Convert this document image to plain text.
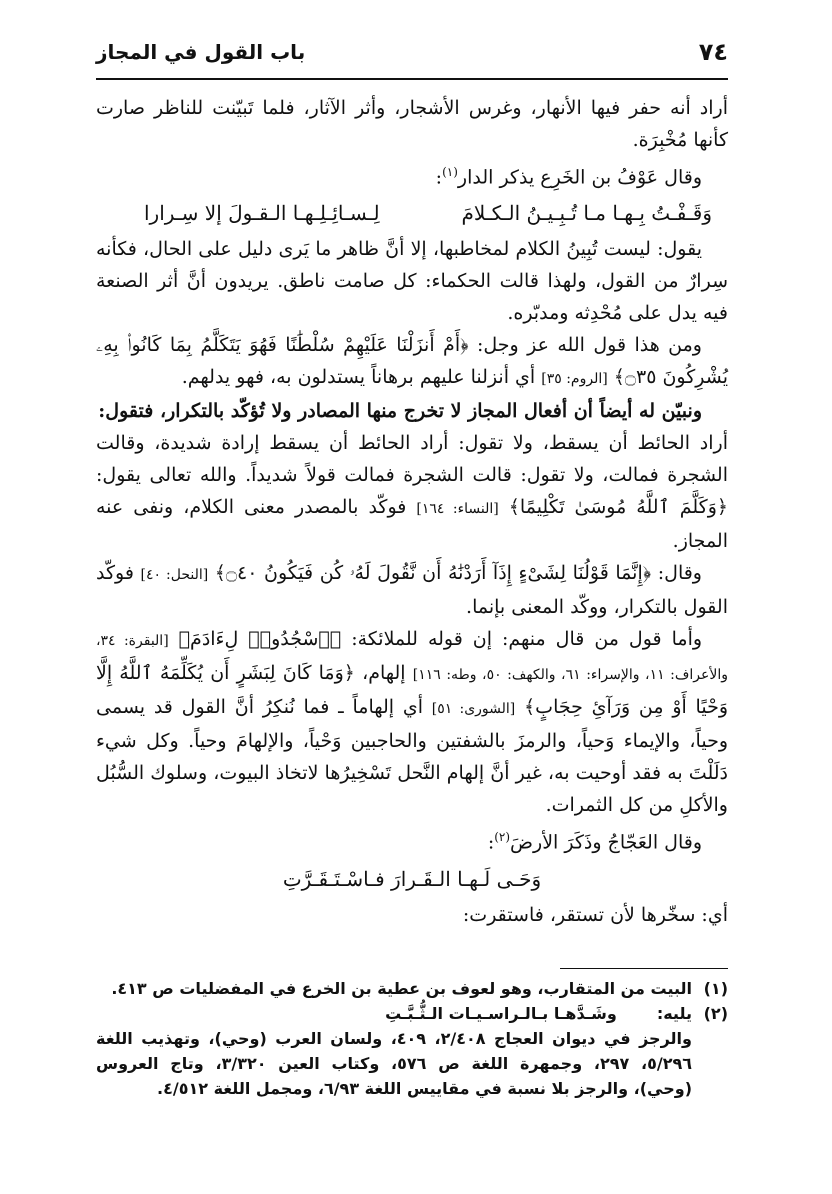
٧٤
باب القول في المجاز

أراد أنه حفر فيها الأنهار، وغرس الأشجار، وأثر الآثار، فلما تَبيّنت للناظر صارت كأنها مُخْبِرَة.

وقال عَوْفُ بن الخَرِع يذكر الدار$^{(١)}$:

وَقَـفْـتُ بِـهـا مـا تُـبِـيـنُ الـكـلامَ
لِـسـائِـلِـهـا الـقـولَ إلا سِـرارا

يقول: ليست تُبِينُ الكلام لمخاطبها، إلا أنَّ ظاهر ما يَرى دليل على الحال، فكأنه سِرارٌ من القول، ولهذا قالت الحكماء: كل صامت ناطق. يريدون أنَّ أثر الصنعة فيه يدل على مُحْدِثه ومدبّره.

ومن هذا قول الله عز وجل: ﴿أَمْ أَنزَلْنَا عَلَيْهِمْ سُلْطَٰنًا فَهُوَ يَتَكَلَّمُ بِمَا كَانُوا۟ بِهِۦ يُشْرِكُونَ ۝٣٥﴾ [الروم: ٣٥] أي أنزلنا عليهم برهاناً يستدلون به، فهو يدلهم.

ونبيّن له أيضاً أن أفعال المجاز لا تخرج منها المصادر ولا تُؤكّد بالتكرار، فتقول:

أراد الحائط أن يسقط، ولا تقول: أراد الحائط أن يسقط إرادة شديدة، وقالت الشجرة فمالت، ولا تقول: قالت الشجرة فمالت قولاً شديداً. والله تعالى يقول: ﴿وَكَلَّمَ ٱللَّهُ مُوسَىٰ تَكْلِيمًا﴾ [النساء: ١٦٤] فوكّد بالمصدر معنى الكلام، ونفى عنه المجاز.

وقال: ﴿إِنَّمَا قَوْلُنَا لِشَىْءٍ إِذَآ أَرَدْنَٰهُ أَن نَّقُولَ لَهُۥ كُن فَيَكُونُ ۝٤٠﴾ [النحل: ٤٠] فوكّد القول بالتكرار، ووكّد المعنى بإنما.

وأما قول من قال منهم: إن قوله للملائكة: ﴿ٱسْجُدُوا۟ لِءَادَمَ﴾ [البقرة: ٣٤، والأعراف: ١١، والإسراء: ٦١، والكهف: ٥٠، وطه: ١١٦] إلهام، ﴿وَمَا كَانَ لِبَشَرٍ أَن يُكَلِّمَهُ ٱللَّهُ إِلَّا وَحْيًا أَوْ مِن وَرَآئِ حِجَابٍ﴾ [الشورى: ٥١] أي إلهاماً ـ فما نُنكِرُ أنَّ القول قد يسمى وحياً، والإيماء وَحياً، والرمزَ بالشفتين والحاجبين وَحْياً، والإلهامَ وحياً. وكل شيء دَلَلْتَ به فقد أوحيت به، غير أنَّ إلهام النَّحل تَسْخِيرُها لاتخاذ البيوت، وسلوك السُّبُل والأكلِ من كل الثمرات.

وقال العَجّاجُ وذَكَرَ الأرضَ$^{(٢)}$:

وَحَـى لَـهـا الـقَـرارَ فـاسْـتَـقَـرَّتِ

أي: سخّرها لأن تستقر، فاستقرت:

(١)
البيت من المتقارب، وهو لعوف بن عطية بن الخرع في المفضليات ص ٤١٣.
(٢)
يليه:
وشَـدَّهـا بـالـراسـيـات الـثُّـبَّـتِ
والرجز في ديوان العجاج ٢/٤٠٨، ٤٠٩، ولسان العرب (وحي)، وتهذيب اللغة ٥/٢٩٦، ٢٩٧، وجمهرة اللغة ص ٥٧٦، وكتاب العين ٣/٣٢٠، وتاج العروس (وحي)، والرجز بلا نسبة في مقاييس اللغة ٦/٩٣، ومجمل اللغة ٤/٥١٢.
